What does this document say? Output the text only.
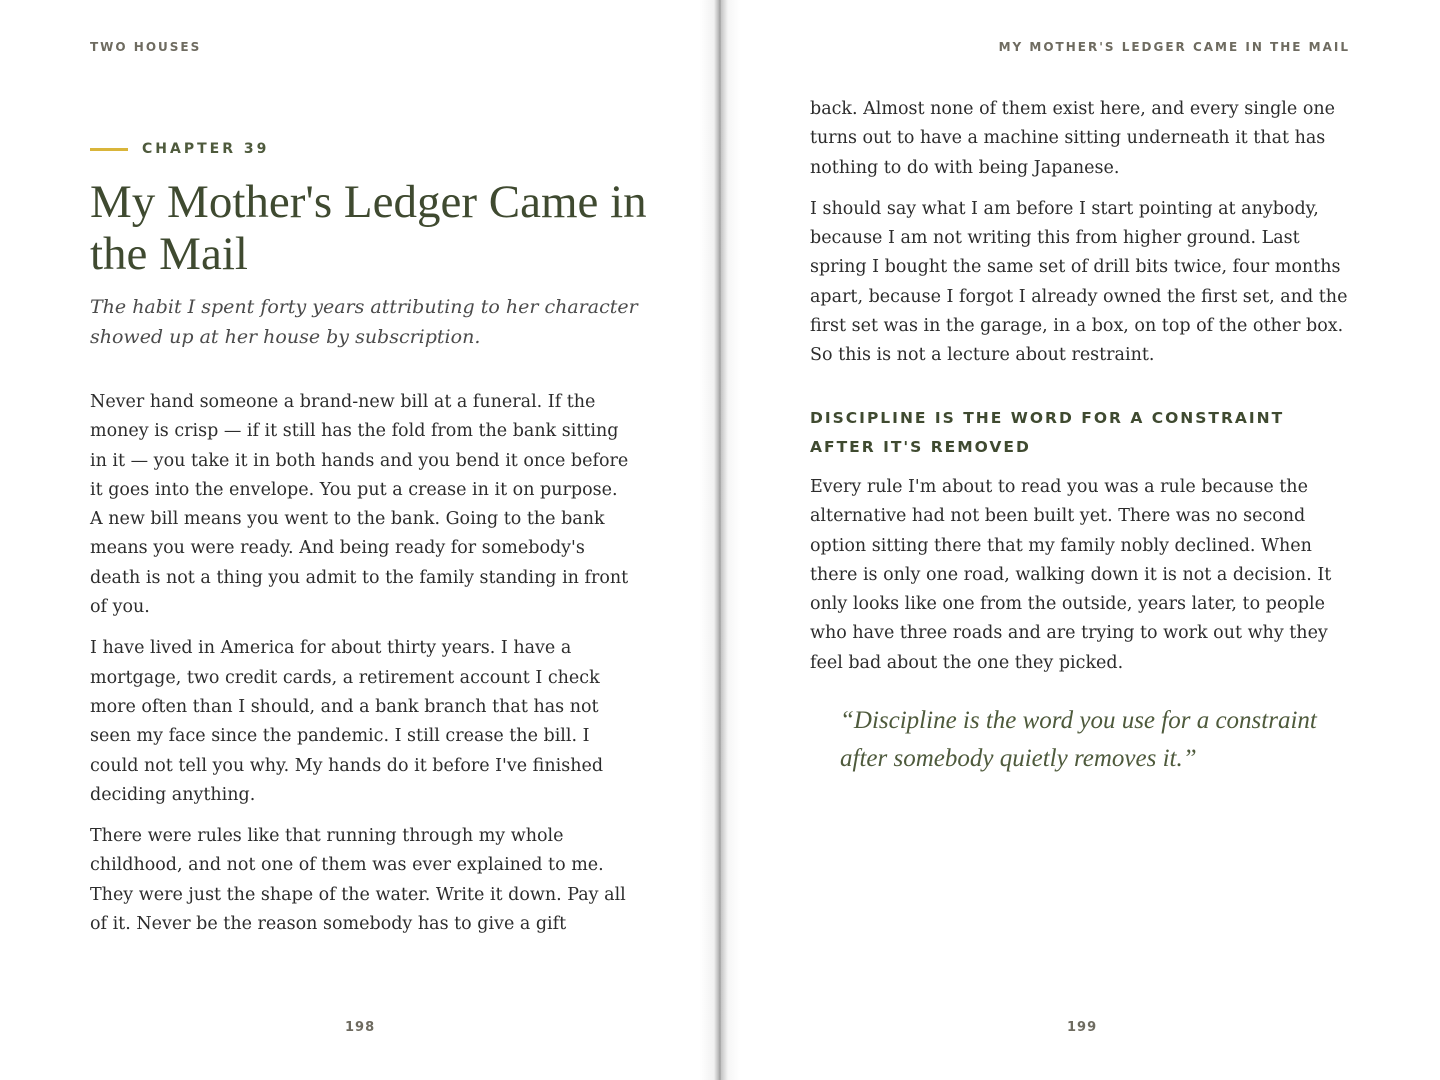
TWO HOUSES
CHAPTER 39
My Mother's Ledger Came in the Mail

The habit I spent forty years attributing to her character showed up at her house by subscription.

Never hand someone a brand-new bill at a funeral. If the money is crisp — if it still has the fold from the bank sitting in it — you take it in both hands and you bend it once before it goes into the envelope. You put a crease in it on purpose. A new bill means you went to the bank. Going to the bank means you were ready. And being ready for somebody's death is not a thing you admit to the family standing in front of you.

I have lived in America for about thirty years. I have a mortgage, two credit cards, a retirement account I check more often than I should, and a bank branch that has not seen my face since the pandemic. I still crease the bill. I could not tell you why. My hands do it before I've finished deciding anything.

There were rules like that running through my whole childhood, and not one of them was ever explained to me. They were just the shape of the water. Write it down. Pay all of it. Never be the reason somebody has to give a gift

198
MY MOTHER'S LEDGER CAME IN THE MAIL

back. Almost none of them exist here, and every single one turns out to have a machine sitting underneath it that has nothing to do with being Japanese.

I should say what I am before I start pointing at anybody, because I am not writing this from higher ground. Last spring I bought the same set of drill bits twice, four months apart, because I forgot I already owned the first set, and the first set was in the garage, in a box, on top of the other box. So this is not a lecture about restraint.

DISCIPLINE IS THE WORD FOR A CONSTRAINT AFTER IT'S REMOVED

Every rule I'm about to read you was a rule because the alternative had not been built yet. There was no second option sitting there that my family nobly declined. When there is only one road, walking down it is not a decision. It only looks like one from the outside, years later, to people who have three roads and are trying to work out why they feel bad about the one they picked.

“Discipline is the word you use for a constraint after somebody quietly removes it.”
199
